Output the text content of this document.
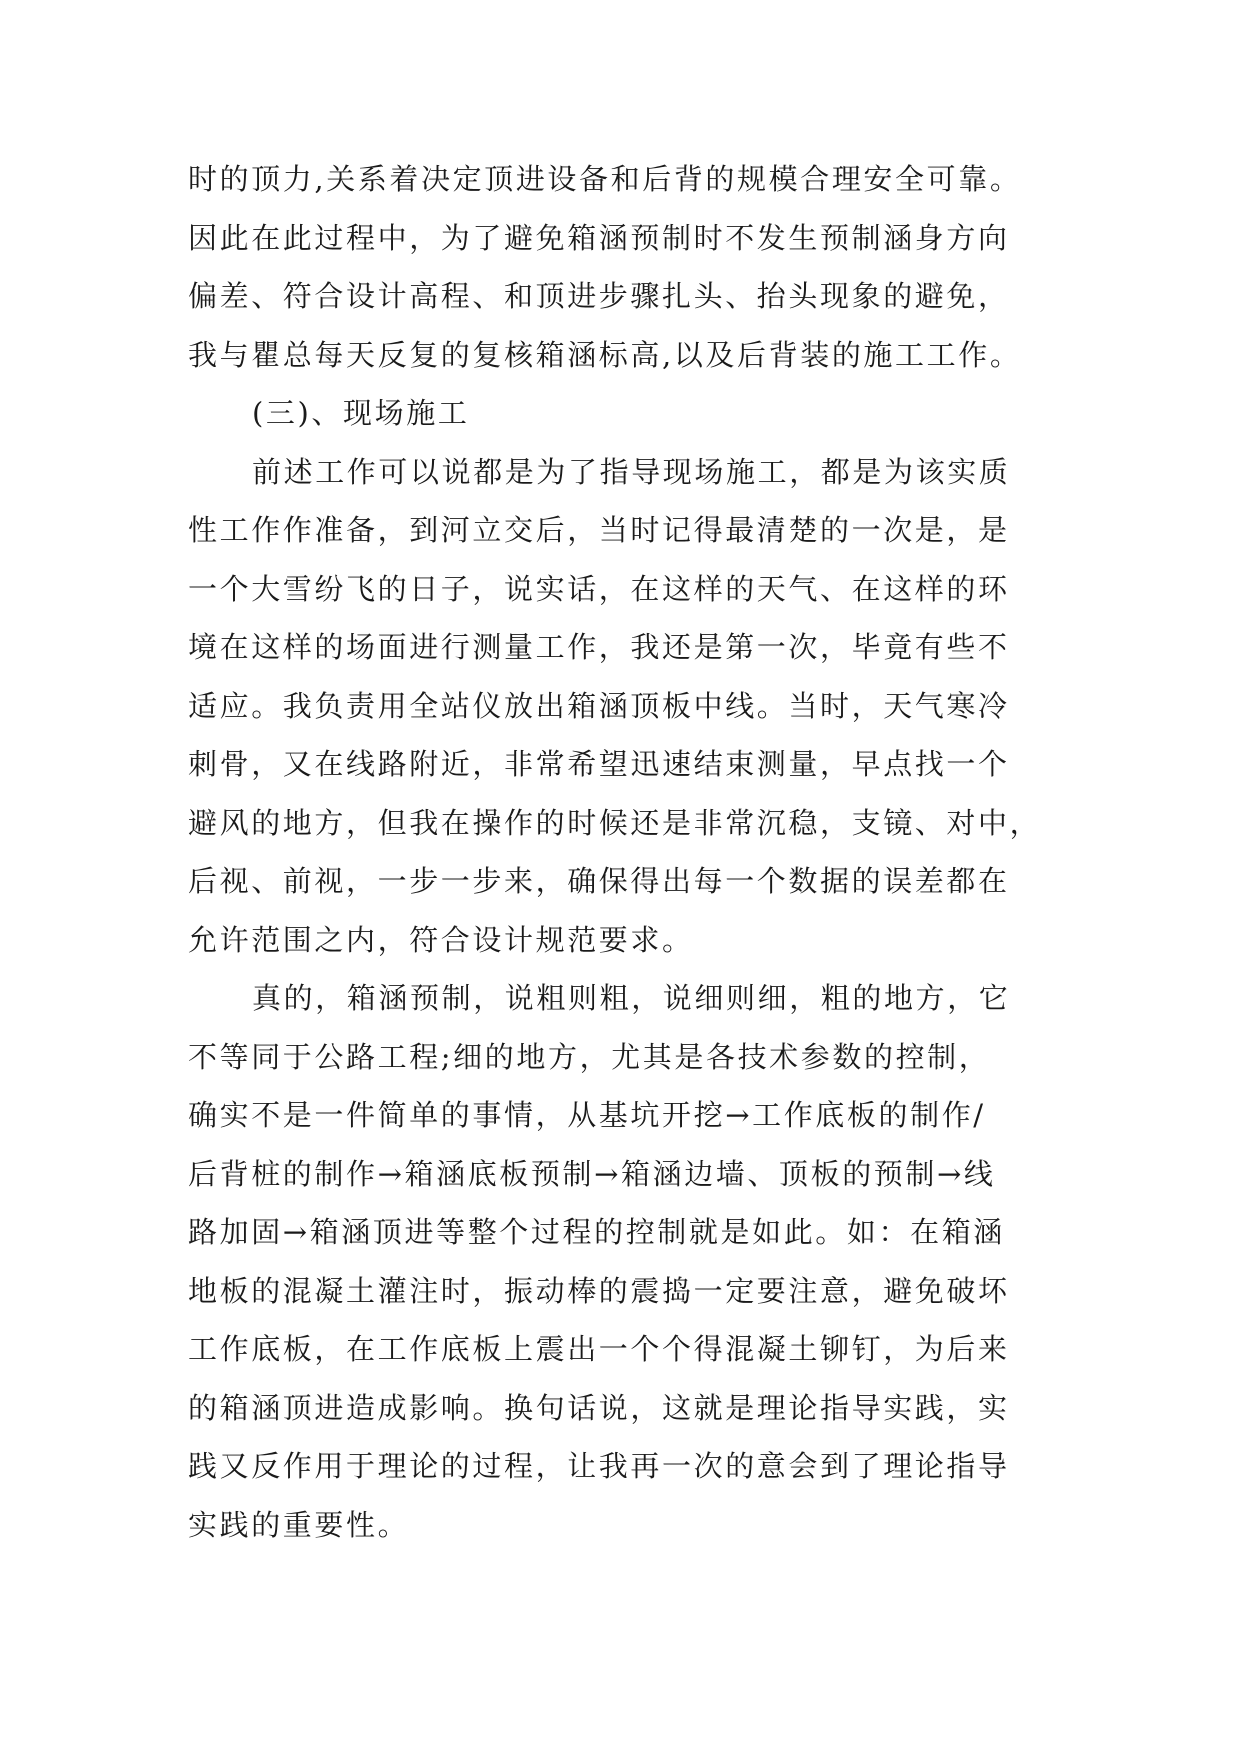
时的顶力,关系着决定顶进设备和后背的规模合理安全可靠。
因此在此过程中，为了避免箱涵预制时不发生预制涵身方向
偏差、符合设计高程、和顶进步骤扎头、抬头现象的避免，
我与瞿总每天反复的复核箱涵标高,以及后背装的施工工作。
(三)、现场施工
前述工作可以说都是为了指导现场施工，都是为该实质
性工作作准备，到河立交后，当时记得最清楚的一次是，是
一个大雪纷飞的日子，说实话，在这样的天气、在这样的环
境在这样的场面进行测量工作，我还是第一次，毕竟有些不
适应。我负责用全站仪放出箱涵顶板中线。当时，天气寒冷
刺骨，又在线路附近，非常希望迅速结束测量，早点找一个
避风的地方，但我在操作的时候还是非常沉稳，支镜、对中，
后视、前视，一步一步来，确保得出每一个数据的误差都在
允许范围之内，符合设计规范要求。
真的，箱涵预制，说粗则粗，说细则细，粗的地方，它
不等同于公路工程;细的地方，尤其是各技术参数的控制，
确实不是一件简单的事情，从基坑开挖→工作底板的制作/
后背桩的制作→箱涵底板预制→箱涵边墙、顶板的预制→线
路加固→箱涵顶进等整个过程的控制就是如此。如：在箱涵
地板的混凝土灌注时，振动棒的震捣一定要注意，避免破坏
工作底板，在工作底板上震出一个个得混凝土铆钉，为后来
的箱涵顶进造成影响。换句话说，这就是理论指导实践，实
践又反作用于理论的过程，让我再一次的意会到了理论指导
实践的重要性。
